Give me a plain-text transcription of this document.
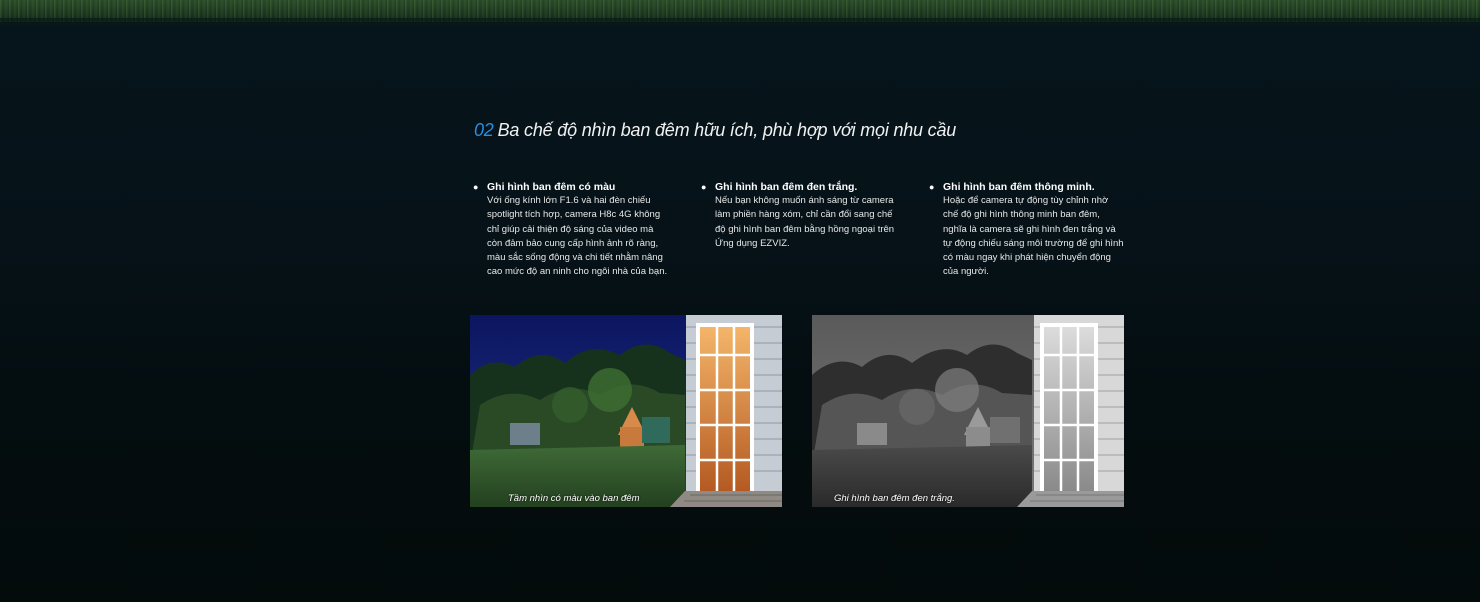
02 Ba chế độ nhìn ban đêm hữu ích, phù hợp với mọi nhu cầu
● Ghi hình ban đêm có màu
Với ống kính lớn F1.6 và hai đèn chiếu spotlight tích hợp, camera H8c 4G không chỉ giúp cải thiện độ sáng của video mà còn đảm bảo cung cấp hình ảnh rõ ràng, màu sắc sống động và chi tiết nhằm nâng cao mức độ an ninh cho ngôi nhà của bạn.
● Ghi hình ban đêm đen trắng.
Nếu bạn không muốn ánh sáng từ camera làm phiền hàng xóm, chỉ cần đổi sang chế độ ghi hình ban đêm bằng hồng ngoại trên Ứng dụng EZVIZ.
● Ghi hình ban đêm thông minh.
Hoặc để camera tự động tùy chỉnh nhờ chế độ ghi hình thông minh ban đêm, nghĩa là camera sẽ ghi hình đen trắng và tự động chiếu sáng môi trường để ghi hình có màu ngay khi phát hiện chuyển động của người.
Tầm nhìn có màu vào ban đêm	Ghi hình ban đêm đen trắng.
